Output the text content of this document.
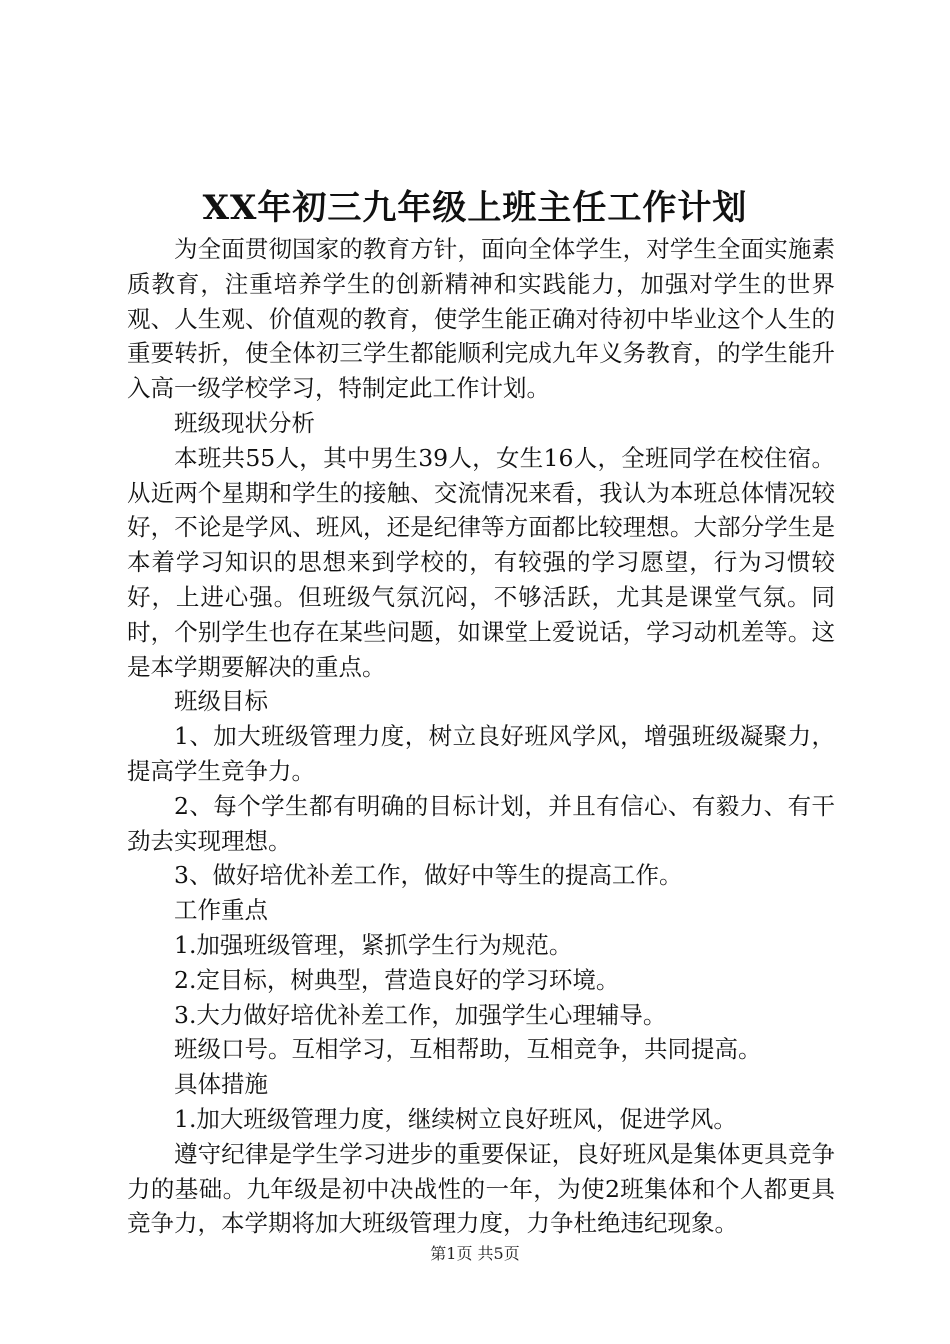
XX年初三九年级上班主任工作计划

为全面贯彻国家的教育方针，面向全体学生，对学生全面实施素质教育，注重培养学生的创新精神和实践能力，加强对学生的世界观、人生观、价值观的教育，使学生能正确对待初中毕业这个人生的重要转折，使全体初三学生都能顺利完成九年义务教育，的学生能升入高一级学校学习，特制定此工作计划。

班级现状分析

本班共55人，其中男生39人，女生16人，全班同学在校住宿。从近两个星期和学生的接触、交流情况来看，我认为本班总体情况较好，不论是学风、班风，还是纪律等方面都比较理想。大部分学生是本着学习知识的思想来到学校的，有较强的学习愿望，行为习惯较好，上进心强。但班级气氛沉闷，不够活跃，尤其是课堂气氛。同时，个别学生也存在某些问题，如课堂上爱说话，学习动机差等。这是本学期要解决的重点。

班级目标

1、加大班级管理力度，树立良好班风学风，增强班级凝聚力，提高学生竞争力。

2、每个学生都有明确的目标计划，并且有信心、有毅力、有干劲去实现理想。

3、做好培优补差工作，做好中等生的提高工作。

工作重点

1.加强班级管理，紧抓学生行为规范。

2.定目标，树典型，营造良好的学习环境。

3.大力做好培优补差工作，加强学生心理辅导。

班级口号。互相学习，互相帮助，互相竞争，共同提高。

具体措施

1.加大班级管理力度，继续树立良好班风，促进学风。

遵守纪律是学生学习进步的重要保证，良好班风是集体更具竞争力的基础。九年级是初中决战性的一年，为使2班集体和个人都更具竞争力，本学期将加大班级管理力度，力争杜绝违纪现象。

第1页 共5页
